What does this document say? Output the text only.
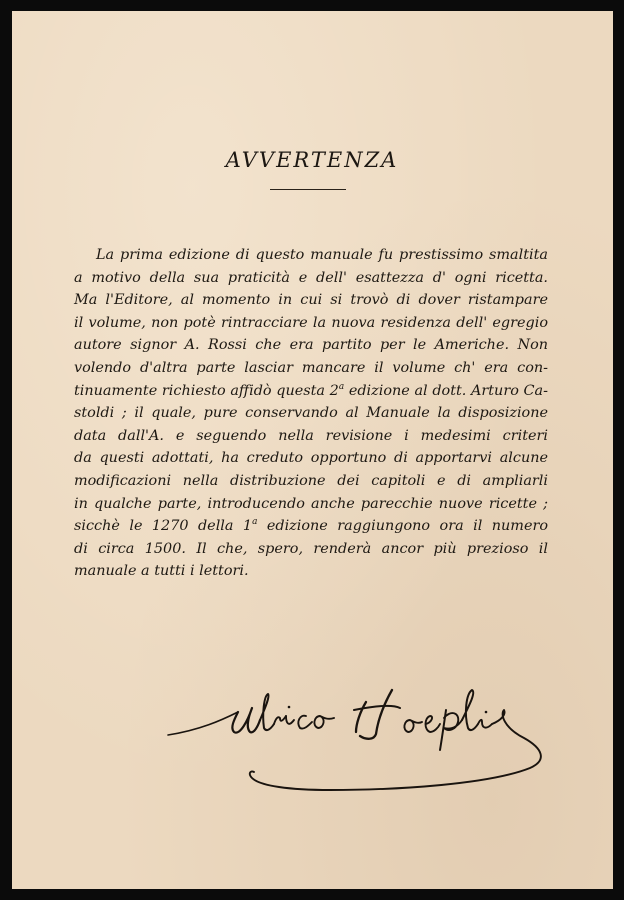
AVVERTENZA
La prima edizione di questo manuale fu prestissimo smaltita
a motivo della sua praticità e dell' esattezza d' ogni ricetta.
Ma l'Editore, al momento in cui si trovò di dover ristampare
il volume, non potè rintracciare la nuova residenza dell' egregio
autore signor A. Rossi che era partito per le Americhe. Non
volendo d'altra parte lasciar mancare il volume ch' era con-
tinuamente richiesto affidò questa 2$^a$ edizione al dott. Arturo Ca-
stoldi ; il quale, pure conservando al Manuale la disposizione
data dall'A. e seguendo nella revisione i medesimi criteri
da questi adottati, ha creduto opportuno di apportarvi alcune
modificazioni nella distribuzione dei capitoli e di ampliarli
in qualche parte, introducendo anche parecchie nuove ricette ;
sicchè le 1270 della 1$^a$ edizione raggiungono ora il numero
di circa 1500. Il che, spero, renderà ancor più prezioso il
manuale a tutti i lettori.
